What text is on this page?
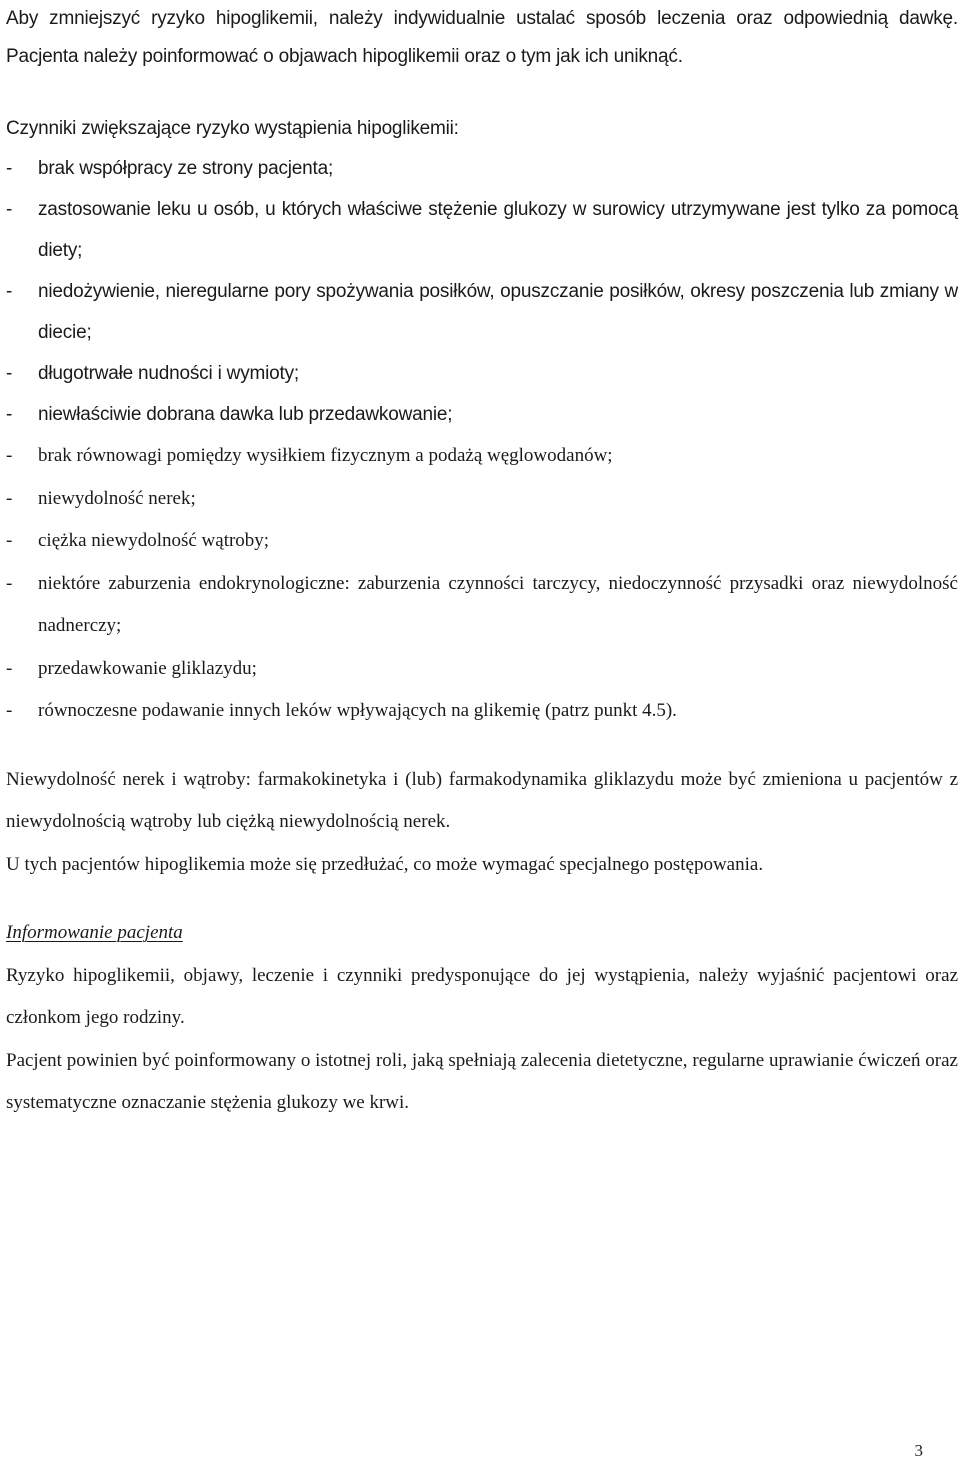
Aby zmniejszyć ryzyko hipoglikemii, należy indywidualnie ustalać sposób leczenia oraz odpowiednią dawkę. Pacjenta należy poinformować o objawach hipoglikemii oraz o tym jak ich uniknąć.

Czynniki zwiększające ryzyko wystąpienia hipoglikemii:

- brak współpracy ze strony pacjenta;
- zastosowanie leku u osób, u których właściwe stężenie glukozy w surowicy utrzymywane jest tylko za pomocą diety;
- niedożywienie, nieregularne pory spożywania posiłków, opuszczanie posiłków, okresy poszczenia lub zmiany w diecie;
- długotrwałe nudności i wymioty;
- niewłaściwie dobrana dawka lub przedawkowanie;
- brak równowagi pomiędzy wysiłkiem fizycznym a podażą węglowodanów;
- niewydolność nerek;
- ciężka niewydolność wątroby;
- niektóre zaburzenia endokrynologiczne: zaburzenia czynności tarczycy, niedoczynność przysadki oraz niewydolność nadnerczy;
- przedawkowanie gliklazydu;
- równoczesne podawanie innych leków wpływających na glikemię (patrz punkt 4.5).

Niewydolność nerek i wątroby: farmakokinetyka i (lub) farmakodynamika gliklazydu może być zmieniona u pacjentów z niewydolnością wątroby lub ciężką niewydolnością nerek.

U tych pacjentów hipoglikemia może się przedłużać, co może wymagać specjalnego postępowania.

Informowanie pacjenta

Ryzyko hipoglikemii, objawy, leczenie i czynniki predysponujące do jej wystąpienia, należy wyjaśnić pacjentowi oraz członkom jego rodziny.

Pacjent powinien być poinformowany o istotnej roli, jaką spełniają zalecenia dietetyczne, regularne uprawianie ćwiczeń oraz systematyczne oznaczanie stężenia glukozy we krwi.

3
